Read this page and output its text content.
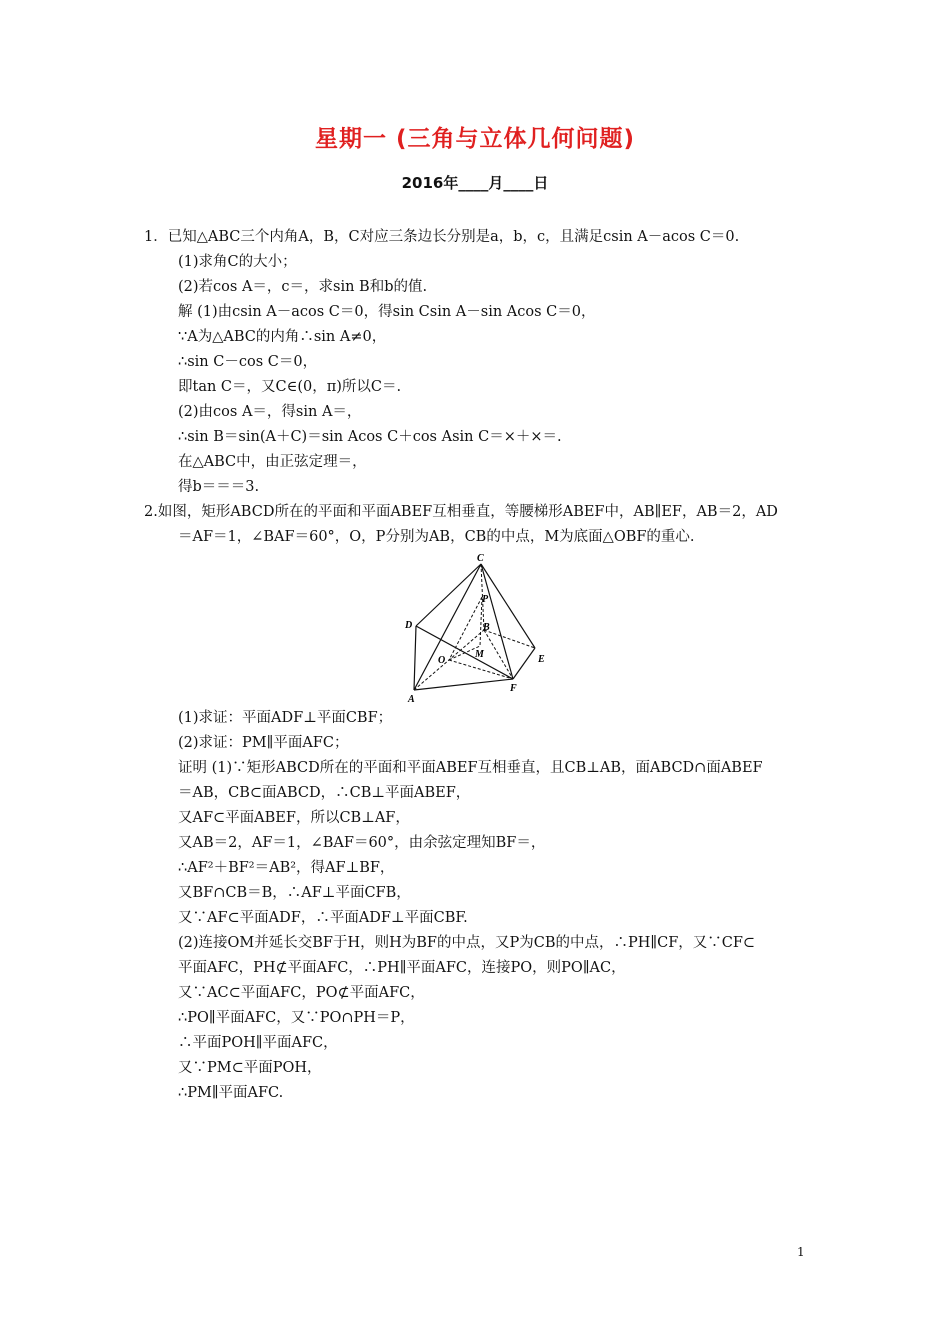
星期一 (三角与立体几何问题)
2016年____月____日
1．已知△ABC三个内角A，B，C对应三条边长分别是a，b，c，且满足csin A－acos C＝0.
(1)求角C的大小；
(2)若cos A＝，c＝，求sin B和b的值.
解 (1)由csin A－acos C＝0，得sin Csin A－sin Acos C＝0，
∵A为△ABC的内角∴sin A≠0，
∴sin C－cos C＝0，
即tan C＝，又C∈(0，π)所以C＝.
(2)由cos A＝，得sin A＝，
∴sin B＝sin(A＋C)＝sin Acos C＋cos Asin C＝×＋×＝.
在△ABC中，由正弦定理＝，
得b＝＝＝3.
2.如图，矩形ABCD所在的平面和平面ABEF互相垂直，等腰梯形ABEF中，AB∥EF，AB＝2，AD
＝AF＝1，∠BAF＝60°，O，P分别为AB，CB的中点，M为底面△OBF的重心.
C
P
D	B
M
O	E
A
F
(1)求证：平面ADF⊥平面CBF；
(2)求证：PM∥平面AFC；
证明 (1)∵矩形ABCD所在的平面和平面ABEF互相垂直，且CB⊥AB，面ABCD∩面ABEF
＝AB，CB⊂面ABCD，∴CB⊥平面ABEF，
又AF⊂平面ABEF，所以CB⊥AF，
又AB＝2，AF＝1，∠BAF＝60°，由余弦定理知BF＝，
∴AF²＋BF²＝AB²，得AF⊥BF，
又BF∩CB＝B，∴AF⊥平面CFB，
又∵AF⊂平面ADF，∴平面ADF⊥平面CBF.
(2)连接OM并延长交BF于H，则H为BF的中点，又P为CB的中点，∴PH∥CF，又∵CF⊂
平面AFC，PH⊄平面AFC，∴PH∥平面AFC，连接PO，则PO∥AC，
又∵AC⊂平面AFC，PO⊄平面AFC，
∴PO∥平面AFC，又∵PO∩PH＝P，
∴平面POH∥平面AFC，
又∵PM⊂平面POH，
∴PM∥平面AFC.
1
